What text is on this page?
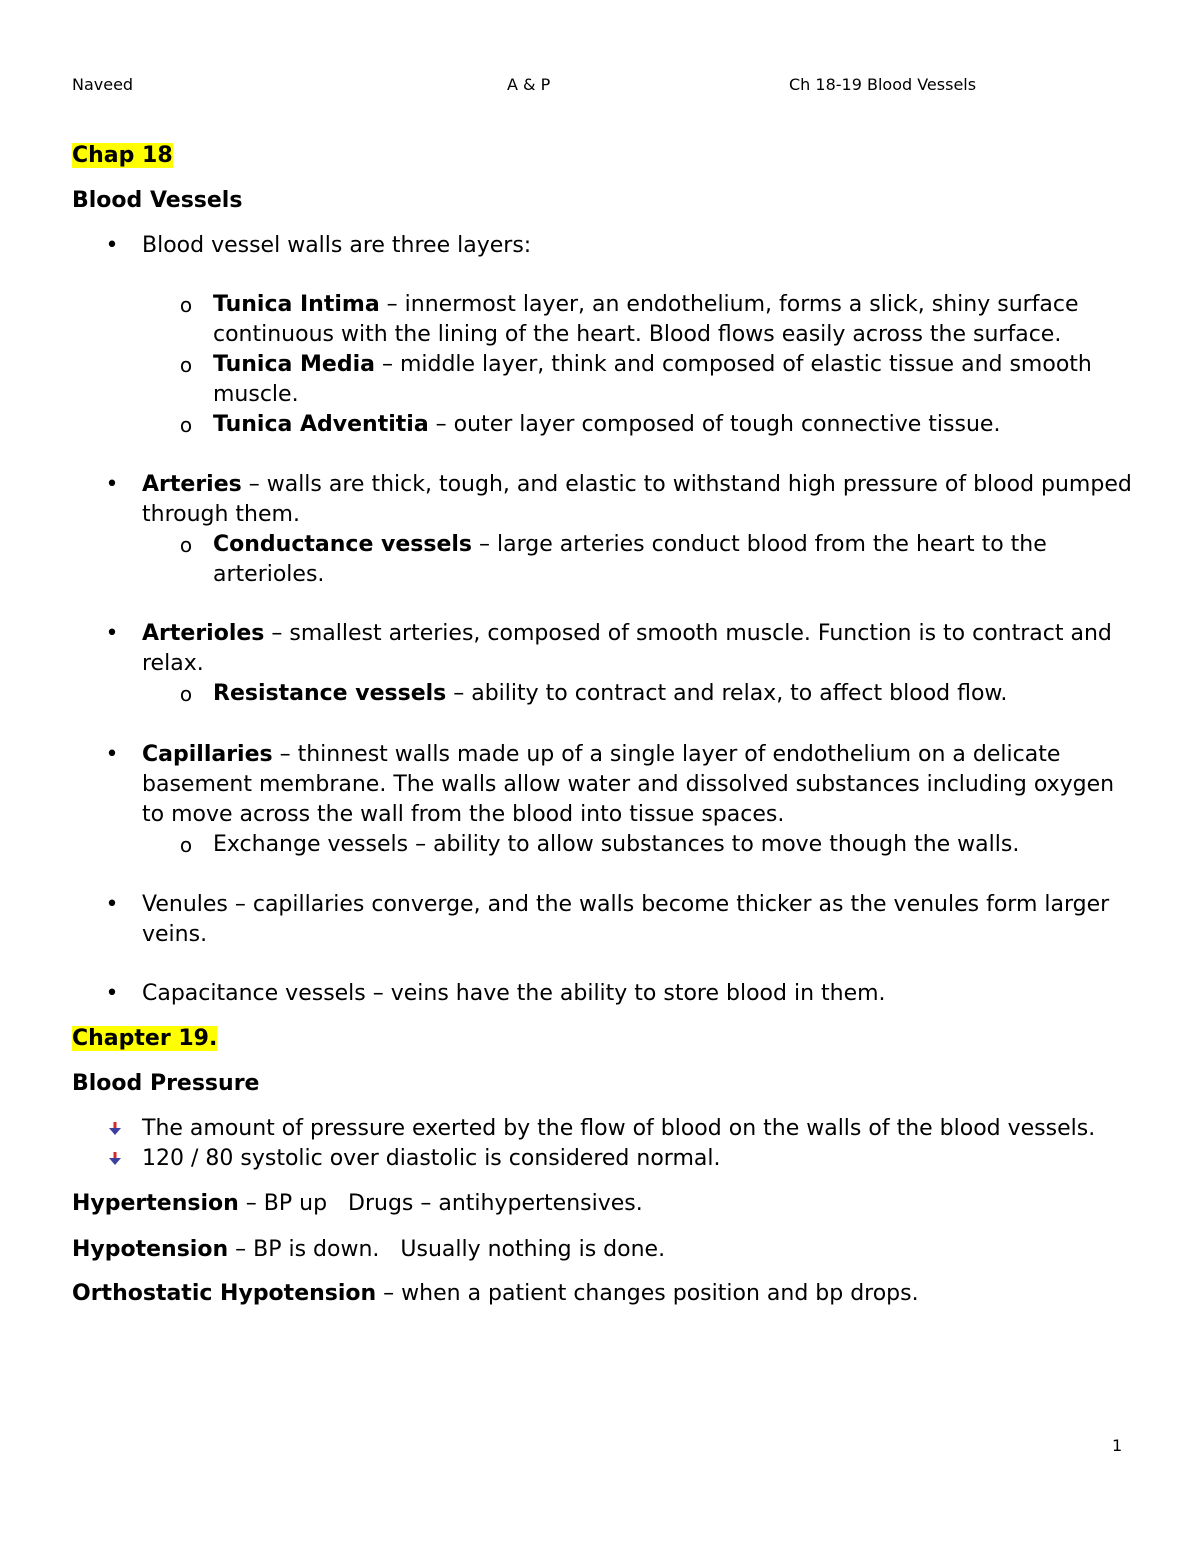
Naveed	A & P	Ch 18-19 Blood Vessels

Chap 18

Blood Vessels

• Blood vessel walls are three layers:
o Tunica Intima – innermost layer, an endothelium, forms a slick, shiny surface continuous with the lining of the heart. Blood flows easily across the surface.
o Tunica Media – middle layer, think and composed of elastic tissue and smooth muscle.
o Tunica Adventitia – outer layer composed of tough connective tissue.
• Arteries – walls are thick, tough, and elastic to withstand high pressure of blood pumped through them.
o Conductance vessels – large arteries conduct blood from the heart to the arterioles.
• Arterioles – smallest arteries, composed of smooth muscle. Function is to contract and relax.
o Resistance vessels – ability to contract and relax, to affect blood flow.
• Capillaries – thinnest walls made up of a single layer of endothelium on a delicate basement membrane. The walls allow water and dissolved substances including oxygen to move across the wall from the blood into tissue spaces.
o Exchange vessels – ability to allow substances to move though the walls.
• Venules – capillaries converge, and the walls become thicker as the venules form larger veins.
• Capacitance vessels – veins have the ability to store blood in them.

Chapter 19.

Blood Pressure

The amount of pressure exerted by the flow of blood on the walls of the blood vessels.
120 / 80 systolic over diastolic is considered normal.

Hypertension – BP up   Drugs – antihypertensives.

Hypotension – BP is down.   Usually nothing is done.

Orthostatic Hypotension – when a patient changes position and bp drops.

1
